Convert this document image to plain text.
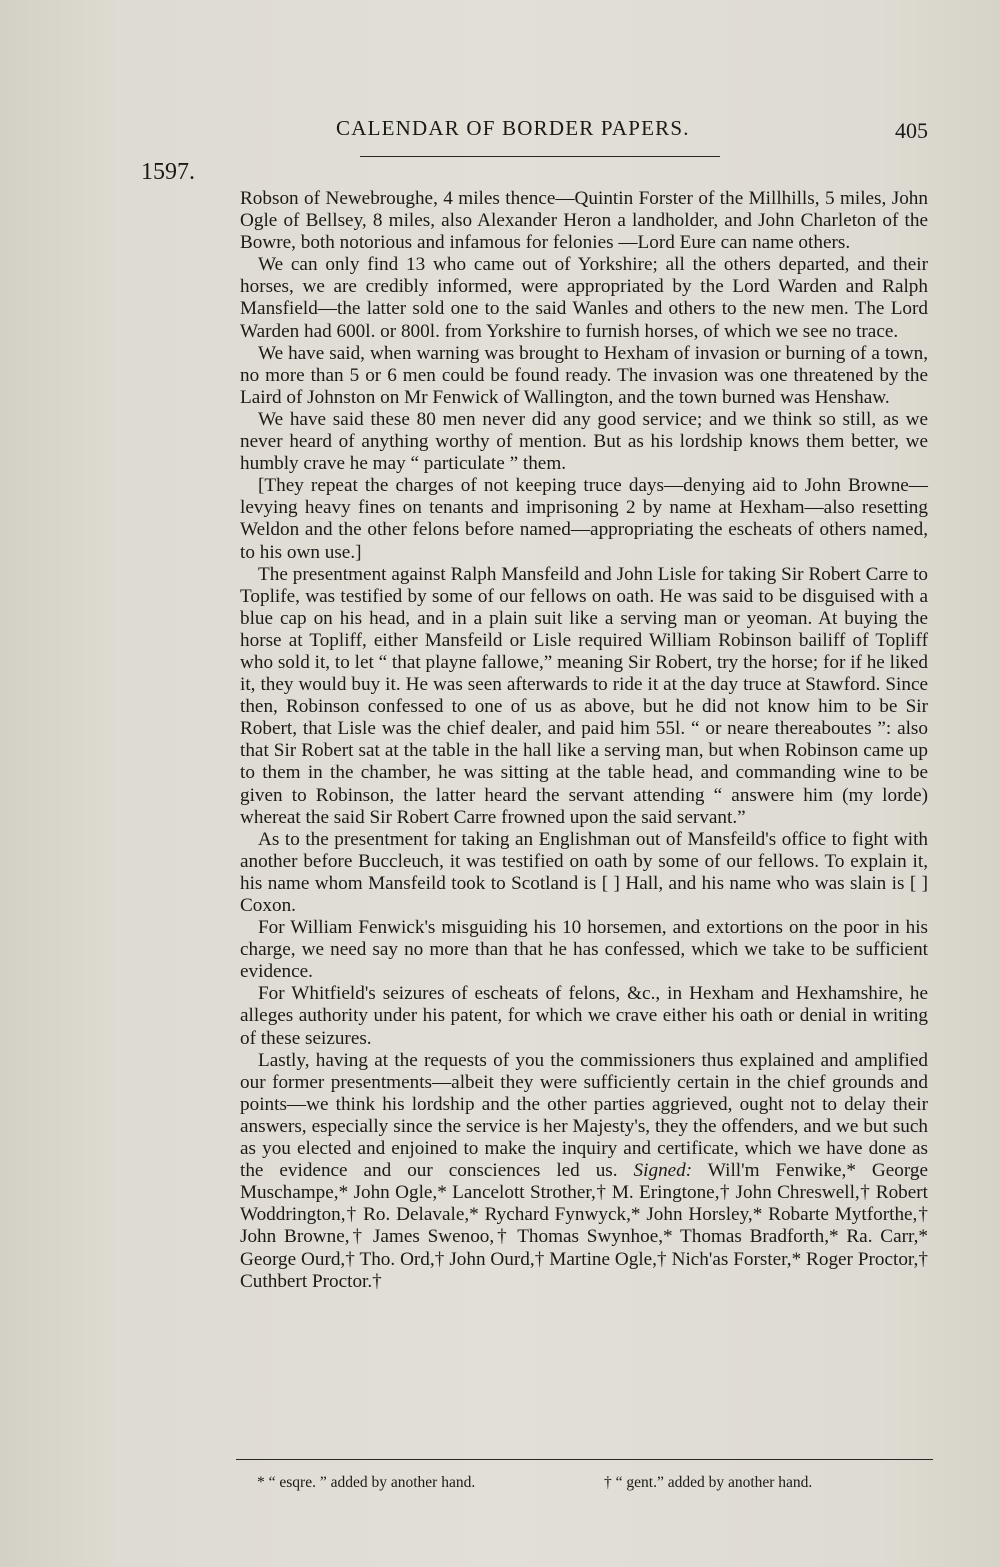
CALENDAR OF BORDER PAPERS.	405
1597.

Robson of Newebroughe, 4 miles thence—Quintin Forster of the Millhills, 5 miles, John Ogle of Bellsey, 8 miles, also Alexander Heron a landholder, and John Charleton of the Bowre, both notorious and infamous for felonies —Lord Eure can name others.

We can only find 13 who came out of Yorkshire; all the others departed, and their horses, we are credibly informed, were appropriated by the Lord Warden and Ralph Mansfield—the latter sold one to the said Wanles and others to the new men. The Lord Warden had 600l. or 800l. from Yorkshire to furnish horses, of which we see no trace.

We have said, when warning was brought to Hexham of invasion or burning of a town, no more than 5 or 6 men could be found ready. The invasion was one threatened by the Laird of Johnston on Mr Fenwick of Wallington, and the town burned was Henshaw.

We have said these 80 men never did any good service; and we think so still, as we never heard of anything worthy of mention. But as his lordship knows them better, we humbly crave he may “ particulate ” them.

[They repeat the charges of not keeping truce days—denying aid to John Browne—levying heavy fines on tenants and imprisoning 2 by name at Hexham—also resetting Weldon and the other felons before named—appropriating the escheats of others named, to his own use.]

The presentment against Ralph Mansfeild and John Lisle for taking Sir Robert Carre to Toplife, was testified by some of our fellows on oath. He was said to be disguised with a blue cap on his head, and in a plain suit like a serving man or yeoman. At buying the horse at Topliff, either Mansfeild or Lisle required William Robinson bailiff of Topliff who sold it, to let “ that playne fallowe,” meaning Sir Robert, try the horse; for if he liked it, they would buy it. He was seen afterwards to ride it at the day truce at Stawford. Since then, Robinson confessed to one of us as above, but he did not know him to be Sir Robert, that Lisle was the chief dealer, and paid him 55l. “ or neare thereaboutes ”: also that Sir Robert sat at the table in the hall like a serving man, but when Robinson came up to them in the chamber, he was sitting at the table head, and commanding wine to be given to Robinson, the latter heard the servant attending “ answere him (my lorde) whereat the said Sir Robert Carre frowned upon the said servant.”

As to the presentment for taking an Englishman out of Mansfeild's office to fight with another before Buccleuch, it was testified on oath by some of our fellows. To explain it, his name whom Mansfeild took to Scotland is [ ] Hall, and his name who was slain is [ ] Coxon.

For William Fenwick's misguiding his 10 horsemen, and extortions on the poor in his charge, we need say no more than that he has confessed, which we take to be sufficient evidence.

For Whitfield's seizures of escheats of felons, &c., in Hexham and Hexhamshire, he alleges authority under his patent, for which we crave either his oath or denial in writing of these seizures.

Lastly, having at the requests of you the commissioners thus explained and amplified our former presentments—albeit they were sufficiently certain in the chief grounds and points—we think his lordship and the other parties aggrieved, ought not to delay their answers, especially since the service is her Majesty's, they the offenders, and we but such as you elected and enjoined to make the inquiry and certificate, which we have done as the evidence and our consciences led us. Signed: Will'm Fenwike,* George Muschampe,* John Ogle,* Lancelott Strother,† M. Eringtone,† John Chreswell,† Robert Woddrington,† Ro. Delavale,* Rychard Fynwyck,* John Horsley,* Robarte Mytforthe,† John Browne,† James Swenoo,† Thomas Swynhoe,* Thomas Bradforth,* Ra. Carr,* George Ourd,† Tho. Ord,† John Ourd,† Martine Ogle,† Nich'as Forster,* Roger Proctor,† Cuthbert Proctor.†

* “ esqre. ” added by another hand.	† “ gent.” added by another hand.
